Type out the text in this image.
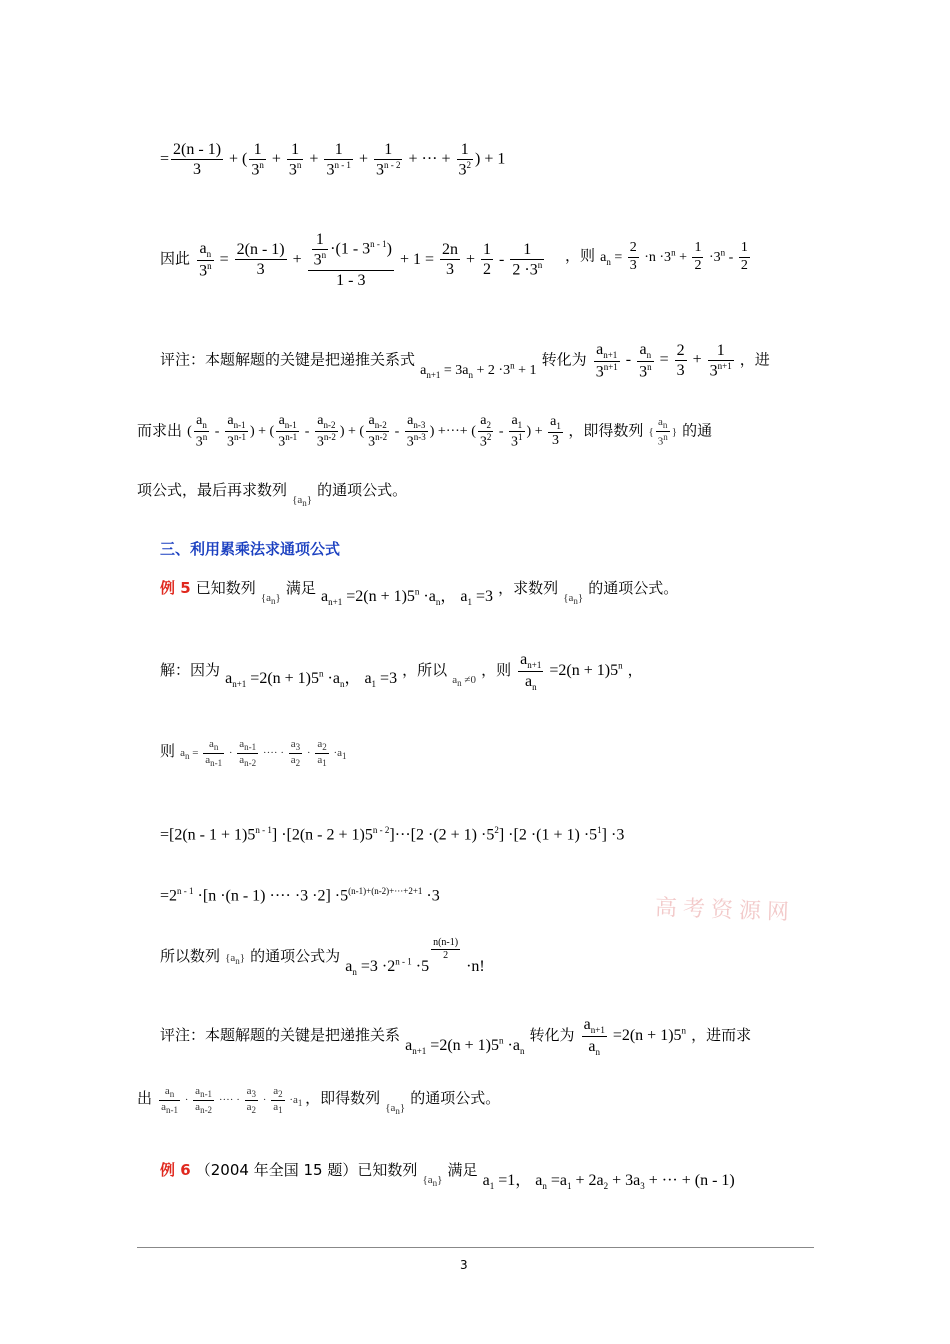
= $\frac{2(n - 1)}{3}$ + ( $\frac{1}{3^n} + \frac{1}{3^n} + \frac{1}{3^{n - 1}} + \frac{1}{3^{n - 2}}$ + ··· + $\frac{1}{3^2}$ ) + 1
因此 $\frac{a_n}{3^n} = \frac{2(n - 1)}{3} + \frac{\frac{1}{3^n} \cdot(1 - 3^{n - 1})}{1 - 3} + 1 = \frac{2n}{3} + \frac{1}{2} - \frac{1}{2 \cdot 3^n}$ ，则 $a_n = \frac{2}{3} \cdot n \cdot 3^n + \frac{1}{2} \cdot 3^n - \frac{1}{2}$
评注：本题解题的关键是把递推关系式 $a_{n+1} = 3a_n + 2 \cdot 3^n + 1$ 转化为 $\frac{a_{n+1}}{3^{n+1}} - \frac{a_n}{3^n} = \frac{2}{3} + \frac{1}{3^{n+1}}$ ，进
而求出 ( $\frac{a_n}{3^n} - \frac{a_{n-1}}{3^{n-1}}$ ) + ( $\frac{a_{n-1}}{3^{n-1}} - \frac{a_{n-2}}{3^{n-2}}$ ) + ( $\frac{a_{n-2}}{3^{n-2}} - \frac{a_{n-3}}{3^{n-3}}$ ) +···+ ( $\frac{a_2}{3^2} - \frac{a_1}{3^1}$ ) + $\frac{a_1}{3}$ ，即得数列 { $\frac{a_n}{3^n}$ } 的通
项公式，最后再求数列 $_{\{a_n\}}$ 的通项公式。
三、利用累乘法求通项公式
例 5 已知数列 $_{\{a_n\}}$ 满足 $a_{n+1} =2(n + 1)5^n \cdot a_n$， $a_1 =3$ ，求数列 $_{\{a_n\}}$ 的通项公式。
解：因为 $a_{n+1} =2(n + 1)5^n \cdot a_n$， $a_1 =3$ ，所以 $_{a_n \ne 0}$ ，则 $\frac{a_{n+1}}{a_n} =2(n + 1)5^n$ ，
则 $a_n = \frac{a_n}{a_{n-1}} \cdot \frac{a_{n-1}}{a_{n-2}}$ ···· · $\frac{a_3}{a_2} \cdot \frac{a_2}{a_1} \cdot a_1$
$=[2(n - 1 + 1)5^{n - 1}] \cdot[2(n - 2 + 1)5^{n - 2}]\cdot\cdot\cdot[2 \cdot(2 + 1) \cdot 5^2] \cdot[2 \cdot(1 + 1) \cdot 5^1] \cdot 3$
$=2^{n - 1} \cdot[n \cdot(n - 1)$ ···· $\cdot 3 \cdot 2] \cdot 5^{(n-1)+(n-2)+\cdot\cdot\cdot+2+1} \cdot 3$	高考资源网
所以数列 $\{a_n\}$ 的通项公式为 $a_n =3 \cdot 2^{n - 1} \cdot 5$
$\frac{n(n-1)}{2}$
·n!
评注：本题解题的关键是把递推关系 $a_{n+1} =2(n + 1)5^n \cdot a_n$ 转化为 $\frac{a_{n+1}}{a_n} =2(n + 1)5^n$ ，进而求
出 $\frac{a_n}{a_{n-1}} \cdot \frac{a_{n-1}}{a_{n-2}}$ ···· · $\frac{a_3}{a_2} \cdot \frac{a_2}{a_1} \cdot a_1$ ，即得数列 $_{\{a_n\}}$ 的通项公式。
例 6 （2004 年全国 15 题）已知数列 $_{\{a_n\}}$ 满足 $a_1 =1$， $a_n =a_1 + 2a_2 + 3a_3$ + ··· + (n - 1)
3
